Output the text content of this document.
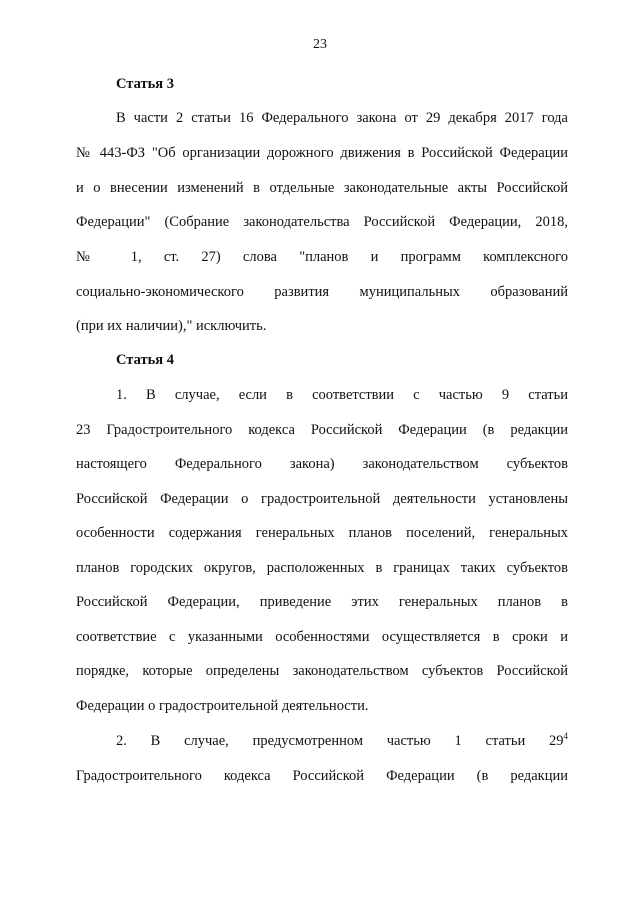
23
Статья 3
В части 2 статьи 16 Федерального закона от 29 декабря 2017 года
№ 443-ФЗ "Об организации дорожного движения в Российской Федерации
и о внесении изменений в отдельные законодательные акты Российской
Федерации" (Собрание законодательства Российской Федерации, 2018,
№ 1, ст. 27) слова "планов и программ комплексного
социально-экономического развития муниципальных образований
(при их наличии)," исключить.
Статья 4
1. В случае, если в соответствии с частью 9 статьи
23 Градостроительного кодекса Российской Федерации (в редакции
настоящего Федерального закона) законодательством субъектов
Российской Федерации о градостроительной деятельности установлены
особенности содержания генеральных планов поселений, генеральных
планов городских округов, расположенных в границах таких субъектов
Российской Федерации, приведение этих генеральных планов в
соответствие с указанными особенностями осуществляется в сроки и
порядке, которые определены законодательством субъектов Российской
Федерации о градостроительной деятельности.
2. В случае, предусмотренном частью 1 статьи $29^4$
Градостроительного кодекса Российской Федерации (в редакции
